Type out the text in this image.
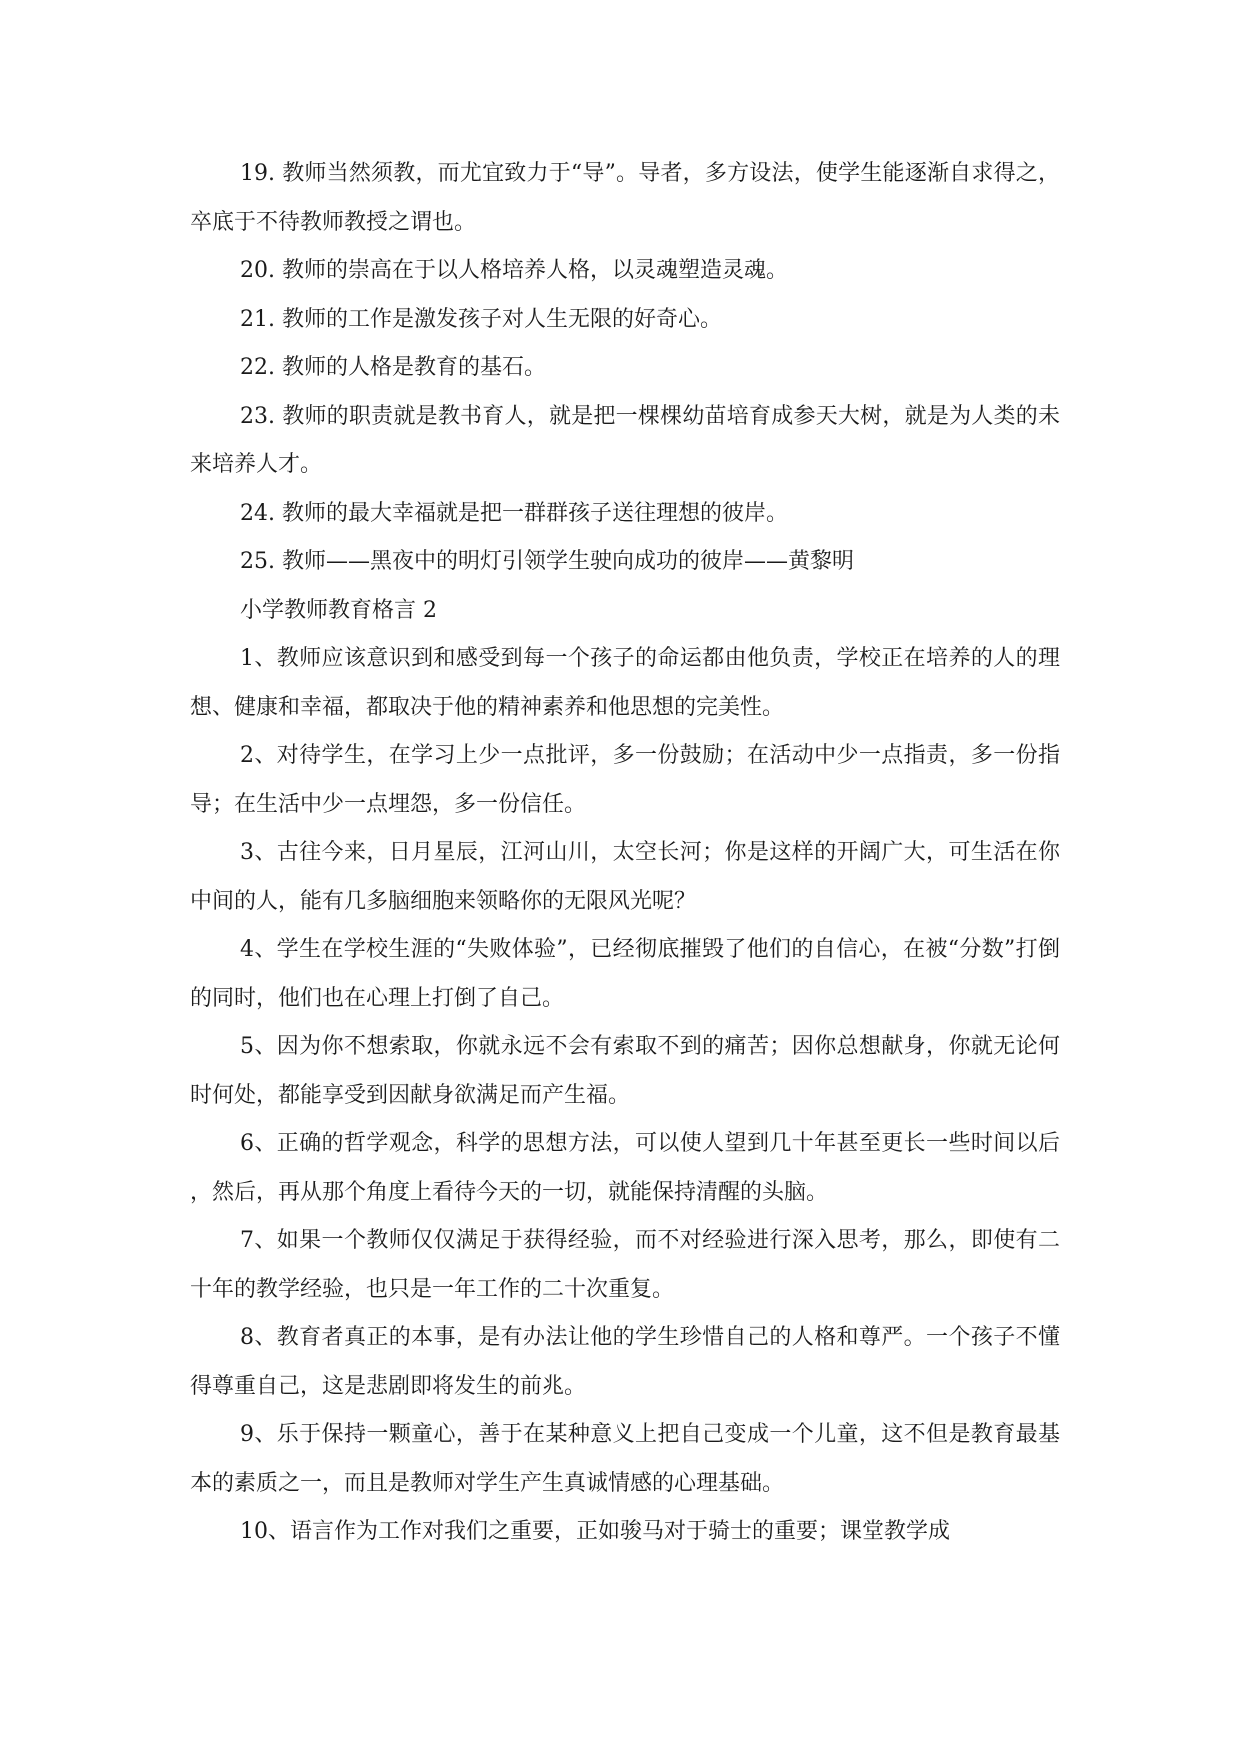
19. 教师当然须教，而尤宜致力于“导”。导者，多方设法，使学生能逐渐自求得之，卒底于不待教师教授之谓也。

20. 教师的崇高在于以人格培养人格，以灵魂塑造灵魂。

21. 教师的工作是激发孩子对人生无限的好奇心。

22. 教师的人格是教育的基石。

23. 教师的职责就是教书育人，就是把一棵棵幼苗培育成参天大树，就是为人类的未来培养人才。

24. 教师的最大幸福就是把一群群孩子送往理想的彼岸。

25. 教师——黑夜中的明灯引领学生驶向成功的彼岸——黄黎明

小学教师教育格言 2

1、教师应该意识到和感受到每一个孩子的命运都由他负责，学校正在培养的人的理想、健康和幸福，都取决于他的精神素养和他思想的完美性。

2、对待学生，在学习上少一点批评，多一份鼓励；在活动中少一点指责，多一份指导；在生活中少一点埋怨，多一份信任。

3、古往今来，日月星辰，江河山川，太空长河；你是这样的开阔广大，可生活在你中间的人，能有几多脑细胞来领略你的无限风光呢？

4、学生在学校生涯的“失败体验”，已经彻底摧毁了他们的自信心，在被“分数”打倒的同时，他们也在心理上打倒了自己。

5、因为你不想索取，你就永远不会有索取不到的痛苦；因你总想献身，你就无论何时何处，都能享受到因献身欲满足而产生福。

6、正确的哲学观念，科学的思想方法，可以使人望到几十年甚至更长一些时间以后，然后，再从那个角度上看待今天的一切，就能保持清醒的头脑。

7、如果一个教师仅仅满足于获得经验，而不对经验进行深入思考，那么，即使有二十年的教学经验，也只是一年工作的二十次重复。

8、教育者真正的本事，是有办法让他的学生珍惜自己的人格和尊严。一个孩子不懂得尊重自己，这是悲剧即将发生的前兆。

9、乐于保持一颗童心，善于在某种意义上把自己变成一个儿童，这不但是教育最基本的素质之一，而且是教师对学生产生真诚情感的心理基础。

10、语言作为工作对我们之重要，正如骏马对于骑士的重要；课堂教学成
